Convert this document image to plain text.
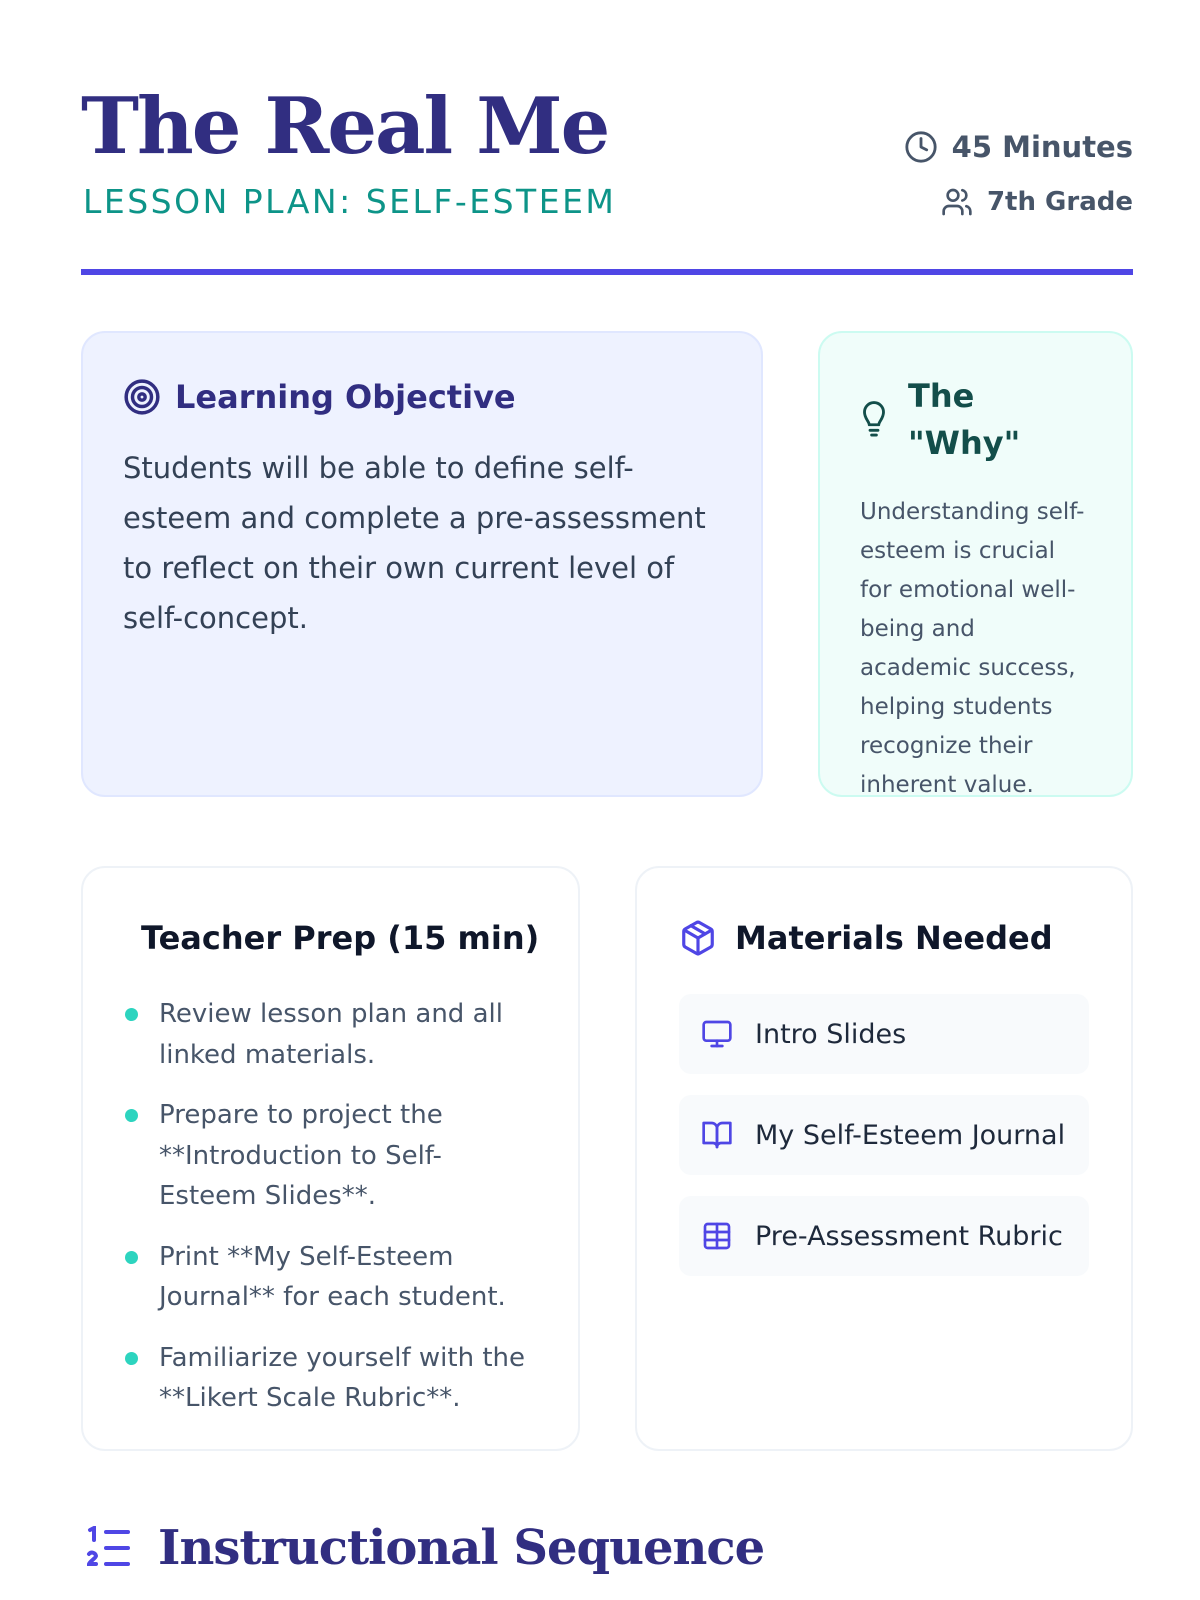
The Real Me
LESSON PLAN: SELF-ESTEEM
45 Minutes
7th Grade
Learning Objective

Students will be able to define self-esteem and complete a pre-assessment to reflect on their own current level of self-concept.

The "Why"

Understanding self-esteem is crucial for emotional well-being and academic success, helping students recognize their inherent value.

Teacher Prep (15 min)
Review lesson plan and all linked materials.
Prepare to project the **Introduction to Self-Esteem Slides**.
Print **My Self-Esteem Journal** for each student.
Familiarize yourself with the **Likert Scale Rubric**.
Materials Needed
Intro Slides
My Self-Esteem Journal
Pre-Assessment Rubric
Instructional Sequence
